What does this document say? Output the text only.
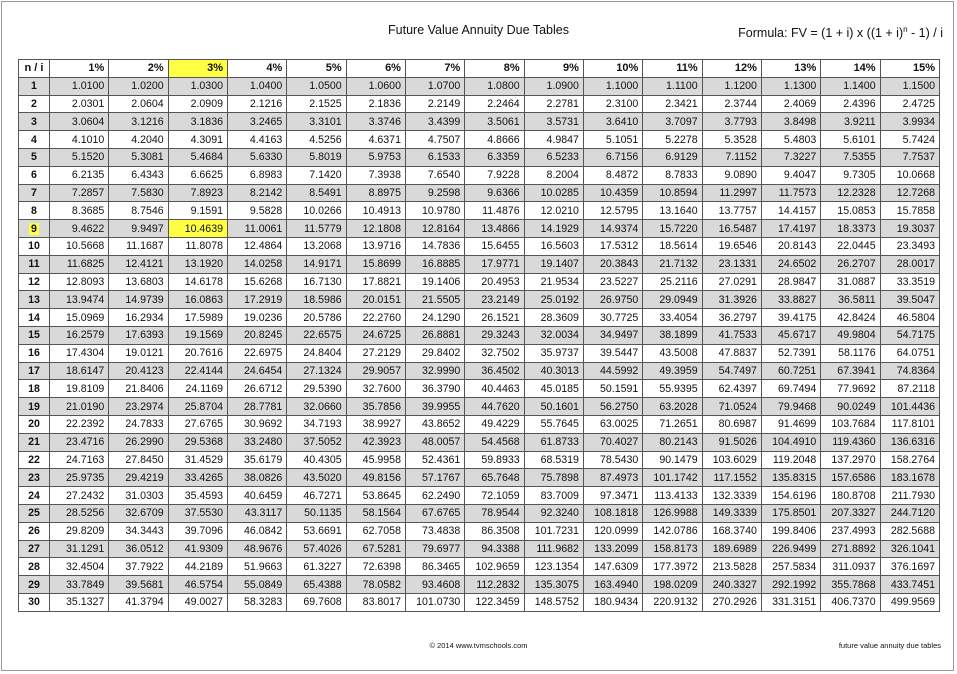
Future Value Annuity Due Tables	Formula: FV = (1 + i) x $((1 + i)^n - 1) / i$
n / i	1%	2%	3%	4%	5%	6%	7%	8%	9%	10%	11%	12%	13%	14%	15%
1	1.0100	1.0200	1.0300	1.0400	1.0500	1.0600	1.0700	1.0800	1.0900	1.1000	1.1100	1.1200	1.1300	1.1400	1.1500
2	2.0301	2.0604	2.0909	2.1216	2.1525	2.1836	2.2149	2.2464	2.2781	2.3100	2.3421	2.3744	2.4069	2.4396	2.4725
3	3.0604	3.1216	3.1836	3.2465	3.3101	3.3746	3.4399	3.5061	3.5731	3.6410	3.7097	3.7793	3.8498	3.9211	3.9934
4	4.1010	4.2040	4.3091	4.4163	4.5256	4.6371	4.7507	4.8666	4.9847	5.1051	5.2278	5.3528	5.4803	5.6101	5.7424
5	5.1520	5.3081	5.4684	5.6330	5.8019	5.9753	6.1533	6.3359	6.5233	6.7156	6.9129	7.1152	7.3227	7.5355	7.7537
6	6.2135	6.4343	6.6625	6.8983	7.1420	7.3938	7.6540	7.9228	8.2004	8.4872	8.7833	9.0890	9.4047	9.7305	10.0668
7	7.2857	7.5830	7.8923	8.2142	8.5491	8.8975	9.2598	9.6366	10.0285	10.4359	10.8594	11.2997	11.7573	12.2328	12.7268
8	8.3685	8.7546	9.1591	9.5828	10.0266	10.4913	10.9780	11.4876	12.0210	12.5795	13.1640	13.7757	14.4157	15.0853	15.7858
9	9.4622	9.9497	10.4639	11.0061	11.5779	12.1808	12.8164	13.4866	14.1929	14.9374	15.7220	16.5487	17.4197	18.3373	19.3037
10	10.5668	11.1687	11.8078	12.4864	13.2068	13.9716	14.7836	15.6455	16.5603	17.5312	18.5614	19.6546	20.8143	22.0445	23.3493
11	11.6825	12.4121	13.1920	14.0258	14.9171	15.8699	16.8885	17.9771	19.1407	20.3843	21.7132	23.1331	24.6502	26.2707	28.0017
12	12.8093	13.6803	14.6178	15.6268	16.7130	17.8821	19.1406	20.4953	21.9534	23.5227	25.2116	27.0291	28.9847	31.0887	33.3519
13	13.9474	14.9739	16.0863	17.2919	18.5986	20.0151	21.5505	23.2149	25.0192	26.9750	29.0949	31.3926	33.8827	36.5811	39.5047
14	15.0969	16.2934	17.5989	19.0236	20.5786	22.2760	24.1290	26.1521	28.3609	30.7725	33.4054	36.2797	39.4175	42.8424	46.5804
15	16.2579	17.6393	19.1569	20.8245	22.6575	24.6725	26.8881	29.3243	32.0034	34.9497	38.1899	41.7533	45.6717	49.9804	54.7175
16	17.4304	19.0121	20.7616	22.6975	24.8404	27.2129	29.8402	32.7502	35.9737	39.5447	43.5008	47.8837	52.7391	58.1176	64.0751
17	18.6147	20.4123	22.4144	24.6454	27.1324	29.9057	32.9990	36.4502	40.3013	44.5992	49.3959	54.7497	60.7251	67.3941	74.8364
18	19.8109	21.8406	24.1169	26.6712	29.5390	32.7600	36.3790	40.4463	45.0185	50.1591	55.9395	62.4397	69.7494	77.9692	87.2118
19	21.0190	23.2974	25.8704	28.7781	32.0660	35.7856	39.9955	44.7620	50.1601	56.2750	63.2028	71.0524	79.9468	90.0249	101.4436
20	22.2392	24.7833	27.6765	30.9692	34.7193	38.9927	43.8652	49.4229	55.7645	63.0025	71.2651	80.6987	91.4699	103.7684	117.8101
21	23.4716	26.2990	29.5368	33.2480	37.5052	42.3923	48.0057	54.4568	61.8733	70.4027	80.2143	91.5026	104.4910	119.4360	136.6316
22	24.7163	27.8450	31.4529	35.6179	40.4305	45.9958	52.4361	59.8933	68.5319	78.5430	90.1479	103.6029	119.2048	137.2970	158.2764
23	25.9735	29.4219	33.4265	38.0826	43.5020	49.8156	57.1767	65.7648	75.7898	87.4973	101.1742	117.1552	135.8315	157.6586	183.1678
24	27.2432	31.0303	35.4593	40.6459	46.7271	53.8645	62.2490	72.1059	83.7009	97.3471	113.4133	132.3339	154.6196	180.8708	211.7930
25	28.5256	32.6709	37.5530	43.3117	50.1135	58.1564	67.6765	78.9544	92.3240	108.1818	126.9988	149.3339	175.8501	207.3327	244.7120
26	29.8209	34.3443	39.7096	46.0842	53.6691	62.7058	73.4838	86.3508	101.7231	120.0999	142.0786	168.3740	199.8406	237.4993	282.5688
27	31.1291	36.0512	41.9309	48.9676	57.4026	67.5281	79.6977	94.3388	111.9682	133.2099	158.8173	189.6989	226.9499	271.8892	326.1041
28	32.4504	37.7922	44.2189	51.9663	61.3227	72.6398	86.3465	102.9659	123.1354	147.6309	177.3972	213.5828	257.5834	311.0937	376.1697
29	33.7849	39.5681	46.5754	55.0849	65.4388	78.0582	93.4608	112.2832	135.3075	163.4940	198.0209	240.3327	292.1992	355.7868	433.7451
30	35.1327	41.3794	49.0027	58.3283	69.7608	83.8017	101.0730	122.3459	148.5752	180.9434	220.9132	270.2926	331.3151	406.7370	499.9569
© 2014 www.tvmschools.com	future value annuity due tables
